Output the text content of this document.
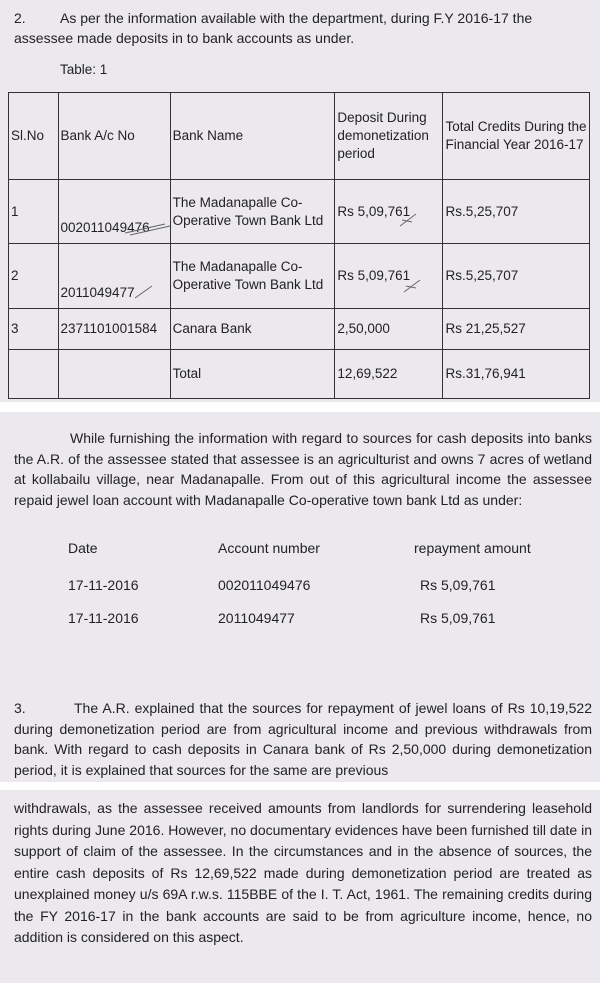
2. As per the information available with the department, during F.Y 2016-17 the
assessee made deposits in to bank accounts as under.
Table: 1
Sl.No	Bank A/c No	Bank Name	Deposit During demonetization period	Total Credits During the Financial Year 2016-17
1	002011049476	The Madanapalle Co-Operative Town Bank Ltd	Rs 5,09,761	Rs.5,25,707
2	2011049477	The Madanapalle Co-Operative Town Bank Ltd	Rs 5,09,761	Rs.5,25,707
3	2371101001584	Canara Bank	2,50,000	Rs 21,25,527
		Total	12,69,522	Rs.31,76,941
While furnishing the information with regard to sources for cash deposits into banks the A.R. of the assessee stated that assessee is an agriculturist and owns 7 acres of wetland at kollabailu village, near Madanapalle. From out of this agricultural income the assessee repaid jewel loan account with Madanapalle Co-operative town bank Ltd as under:
Date	Account number	repayment amount
17-11-2016	002011049476	Rs 5,09,761
17-11-2016	2011049477	Rs 5,09,761
3.	The A.R. explained that the sources for repayment of jewel loans of Rs 10,19,522 during demonetization period are from agricultural income and previous withdrawals from bank. With regard to cash deposits in Canara bank of Rs 2,50,000 during demonetization period, it is explained that sources for the same are previous
withdrawals, as the assessee received amounts from landlords for surrendering leasehold rights during June 2016. However, no documentary evidences have been furnished till date in support of claim of the assessee. In the circumstances and in the absence of sources, the entire cash deposits of Rs 12,69,522 made during demonetization period are treated as unexplained money u/s 69A r.w.s. 115BBE of the I. T. Act, 1961. The remaining credits during the FY 2016-17 in the bank accounts are said to be from agriculture income, hence, no addition is considered on this aspect.
